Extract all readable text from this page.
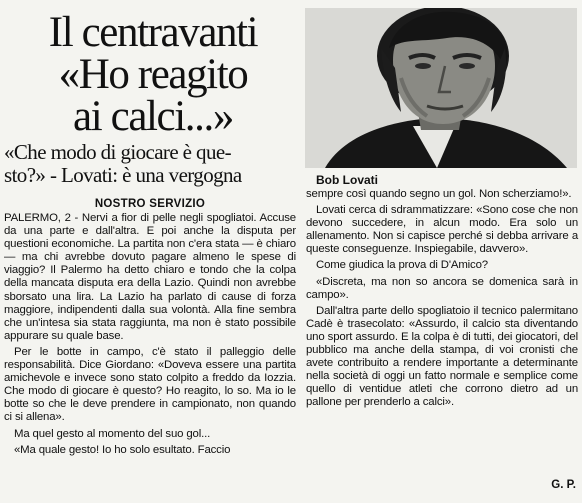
Il centravanti
«Ho reagito
ai calci...»
«Che modo di giocare è que-
sto?» - Lovati: è una vergogna	Bob Lovati
NOSTRO SERVIZIO

PALERMO, 2 - Nervi a fior di pelle negli spogliatoi. Accuse da una parte e dall'altra. E poi anche la disputa per questioni economiche. La partita non c'era stata — è chiaro — ma chi avrebbe dovuto pagare almeno le spese di viaggio? Il Palermo ha detto chiaro e tondo che la colpa della mancata disputa era della Lazio. Quindi non avrebbe sborsato una lira. La Lazio ha parlato di cause di forza maggiore, indipendenti dalla sua volontà. Alla fine sembra che un'intesa sia stata raggiunta, ma non è stato possibile appurare su quale base.

Per le botte in campo, c'è stato il palleggio delle responsabilità. Dice Giordano: «Doveva essere una partita amichevole e invece sono stato colpito a freddo da Iozzia. Che modo di giocare è questo? Ho reagito, lo so. Ma io le botte so che le deve prendere in campionato, non quando ci si allena».

Ma quel gesto al momento del suo gol...

«Ma quale gesto! Io ho solo esultato. Faccio

sempre così quando segno un gol. Non scherziamo!».

Lovati cerca di sdrammatizzare: «Sono cose che non devono succedere, in alcun modo. Era solo un allenamento. Non si capisce perché si debba arrivare a queste conseguenze. Inspiegabile, davvero».

Come giudica la prova di D'Amico?

«Discreta, ma non so ancora se domenica sarà in campo».

Dall'altra parte dello spogliatoio il tecnico palermitano Cadè è trasecolato: «Assurdo, il calcio sta diventando uno sport assurdo. E la colpa è di tutti, dei giocatori, del pubblico ma anche della stampa, di voi cronisti che avete contribuito a rendere importante a determinante nella società di oggi un fatto normale e semplice come quello di ventidue atleti che corrono dietro ad un pallone per prenderlo a calci».

G. P.
